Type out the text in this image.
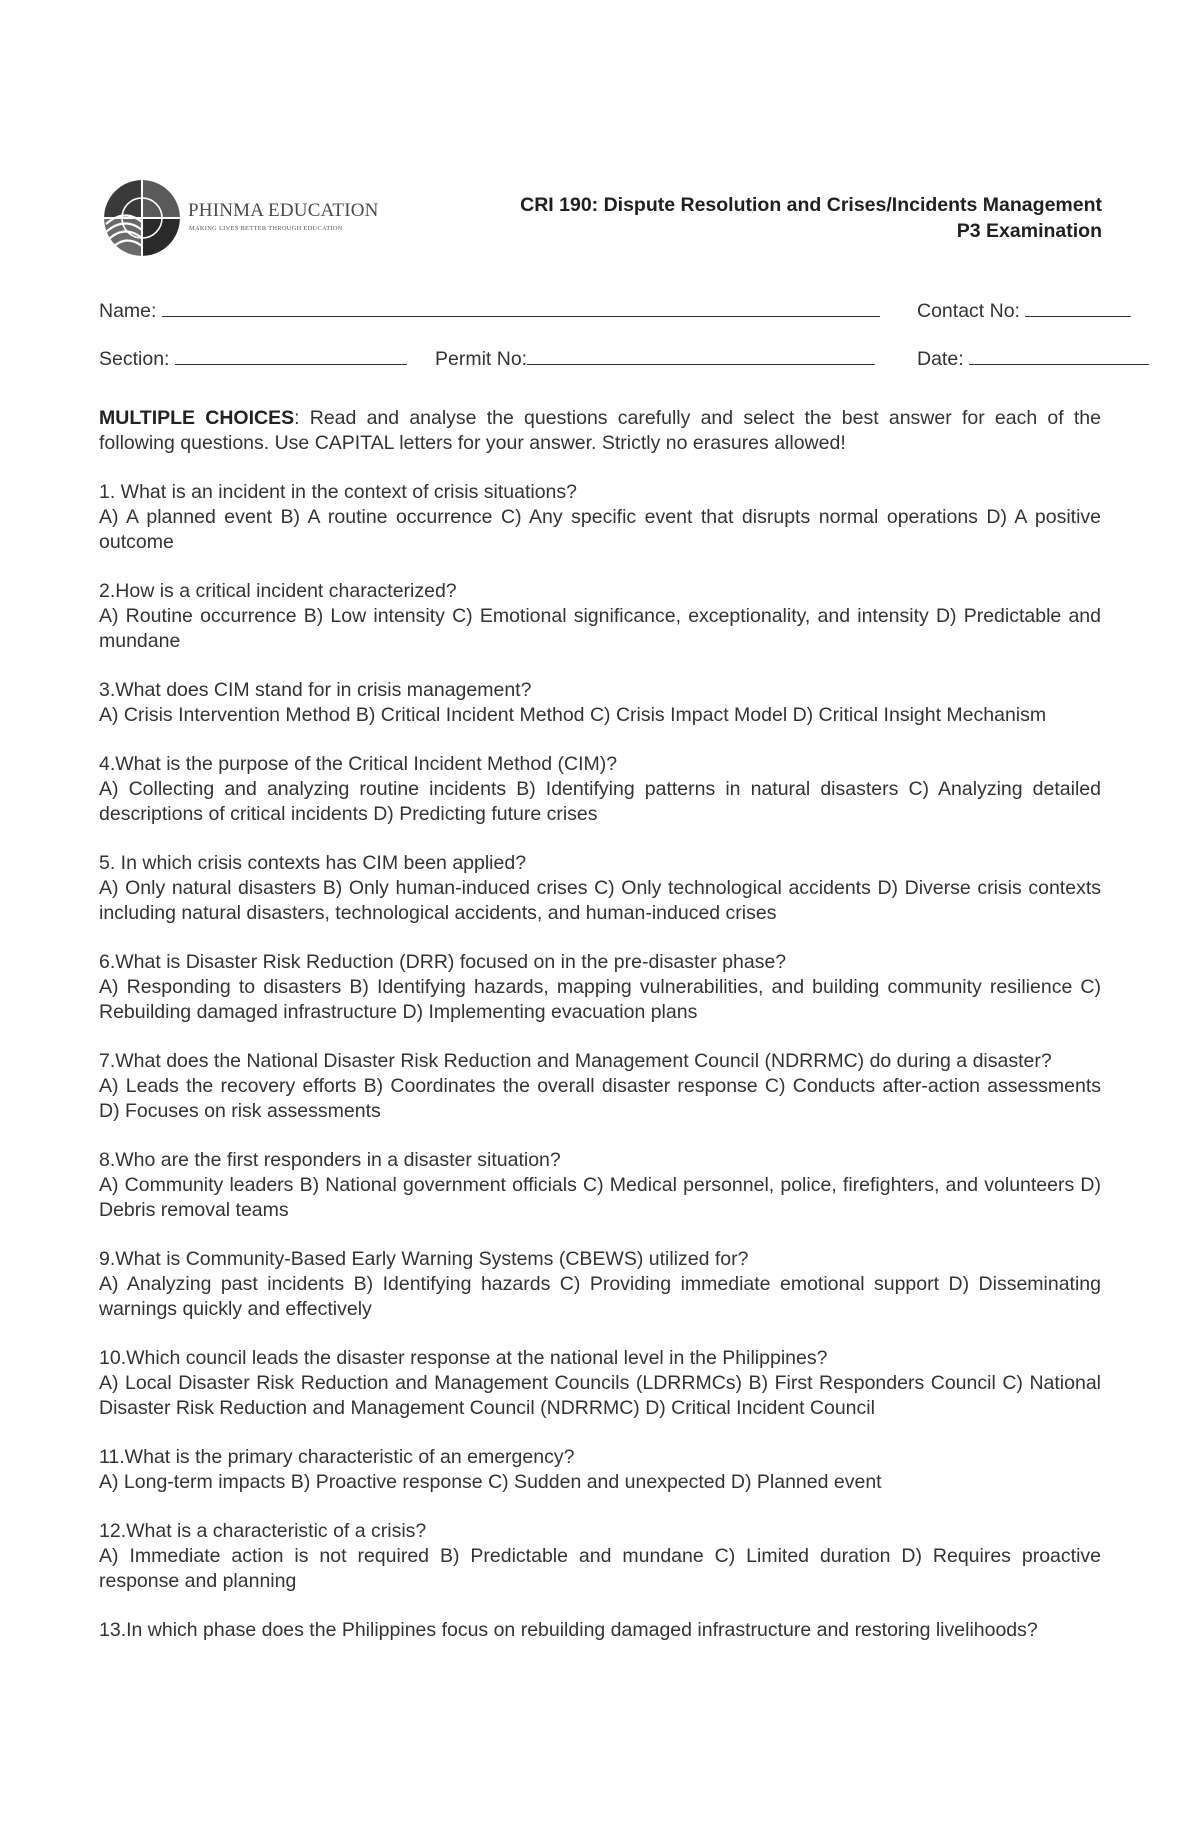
PHINMA EDUCATION
MAKING LIVES BETTER THROUGH EDUCATION
CRI 190: Dispute Resolution and Crises/Incidents Management
P3 Examination
Name:	Contact No:
Section:	Permit No:	Date:

MULTIPLE CHOICES: Read and analyse the questions carefully and select the best answer for each of the following questions. Use CAPITAL letters for your answer. Strictly no erasures allowed!

1. What is an incident in the context of crisis situations?
A) A planned event B) A routine occurrence C) Any specific event that disrupts normal operations D) A positive outcome
2.How is a critical incident characterized?
A) Routine occurrence B) Low intensity C) Emotional significance, exceptionality, and intensity D) Predictable and mundane
3.What does CIM stand for in crisis management?
A) Crisis Intervention Method B) Critical Incident Method C) Crisis Impact Model D) Critical Insight Mechanism
4.What is the purpose of the Critical Incident Method (CIM)?
A) Collecting and analyzing routine incidents B) Identifying patterns in natural disasters C) Analyzing detailed descriptions of critical incidents D) Predicting future crises
5. In which crisis contexts has CIM been applied?
A) Only natural disasters B) Only human-induced crises C) Only technological accidents D) Diverse crisis contexts including natural disasters, technological accidents, and human-induced crises
6.What is Disaster Risk Reduction (DRR) focused on in the pre-disaster phase?
A) Responding to disasters B) Identifying hazards, mapping vulnerabilities, and building community resilience C) Rebuilding damaged infrastructure D) Implementing evacuation plans
7.What does the National Disaster Risk Reduction and Management Council (NDRRMC) do during a disaster?
A) Leads the recovery efforts B) Coordinates the overall disaster response C) Conducts after-action assessments D) Focuses on risk assessments
8.Who are the first responders in a disaster situation?
A) Community leaders B) National government officials C) Medical personnel, police, firefighters, and volunteers D) Debris removal teams
9.What is Community-Based Early Warning Systems (CBEWS) utilized for?
A) Analyzing past incidents B) Identifying hazards C) Providing immediate emotional support D) Disseminating warnings quickly and effectively
10.Which council leads the disaster response at the national level in the Philippines?
A) Local Disaster Risk Reduction and Management Councils (LDRRMCs) B) First Responders Council C) National Disaster Risk Reduction and Management Council (NDRRMC) D) Critical Incident Council
11.What is the primary characteristic of an emergency?
A) Long-term impacts B) Proactive response C) Sudden and unexpected D) Planned event
12.What is a characteristic of a crisis?
A) Immediate action is not required B) Predictable and mundane C) Limited duration D) Requires proactive response and planning
13.In which phase does the Philippines focus on rebuilding damaged infrastructure and restoring livelihoods?
